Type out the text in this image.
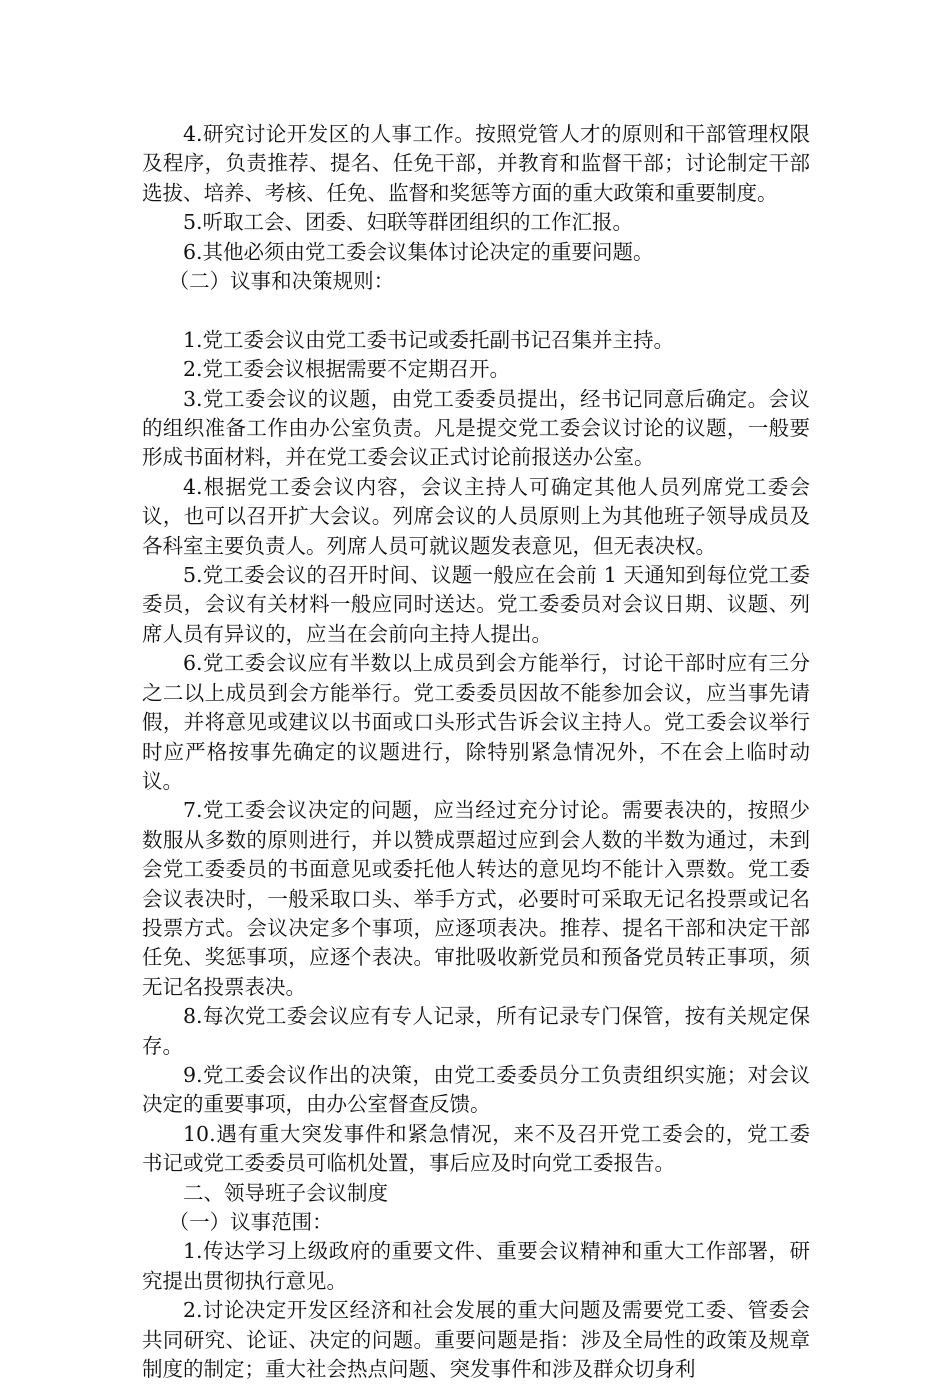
4.研究讨论开发区的人事工作。按照党管人才的原则和干部管理权限及程序，负责推荐、提名、任免干部，并教育和监督干部；讨论制定干部选拔、培养、考核、任免、监督和奖惩等方面的重大政策和重要制度。

5.听取工会、团委、妇联等群团组织的工作汇报。

6.其他必须由党工委会议集体讨论决定的重要问题。

（二）议事和决策规则：

1.党工委会议由党工委书记或委托副书记召集并主持。

2.党工委会议根据需要不定期召开。

3.党工委会议的议题，由党工委委员提出，经书记同意后确定。会议的组织准备工作由办公室负责。凡是提交党工委会议讨论的议题，一般要形成书面材料，并在党工委会议正式讨论前报送办公室。

4.根据党工委会议内容，会议主持人可确定其他人员列席党工委会议，也可以召开扩大会议。列席会议的人员原则上为其他班子领导成员及各科室主要负责人。列席人员可就议题发表意见，但无表决权。

5.党工委会议的召开时间、议题一般应在会前 1 天通知到每位党工委委员，会议有关材料一般应同时送达。党工委委员对会议日期、议题、列席人员有异议的，应当在会前向主持人提出。

6.党工委会议应有半数以上成员到会方能举行，讨论干部时应有三分之二以上成员到会方能举行。党工委委员因故不能参加会议，应当事先请假，并将意见或建议以书面或口头形式告诉会议主持人。党工委会议举行时应严格按事先确定的议题进行，除特别紧急情况外，不在会上临时动议。

7.党工委会议决定的问题，应当经过充分讨论。需要表决的，按照少数服从多数的原则进行，并以赞成票超过应到会人数的半数为通过，未到会党工委委员的书面意见或委托他人转达的意见均不能计入票数。党工委会议表决时，一般采取口头、举手方式，必要时可采取无记名投票或记名投票方式。会议决定多个事项，应逐项表决。推荐、提名干部和决定干部任免、奖惩事项，应逐个表决。审批吸收新党员和预备党员转正事项，须无记名投票表决。

8.每次党工委会议应有专人记录，所有记录专门保管，按有关规定保存。

9.党工委会议作出的决策，由党工委委员分工负责组织实施；对会议决定的重要事项，由办公室督查反馈。

10.遇有重大突发事件和紧急情况，来不及召开党工委会的，党工委书记或党工委委员可临机处置，事后应及时向党工委报告。

二、领导班子会议制度

（一）议事范围：

1.传达学习上级政府的重要文件、重要会议精神和重大工作部署，研究提出贯彻执行意见。

2.讨论决定开发区经济和社会发展的重大问题及需要党工委、管委会共同研究、论证、决定的问题。重要问题是指：涉及全局性的政策及规章制度的制定；重大社会热点问题、突发事件和涉及群众切身利
